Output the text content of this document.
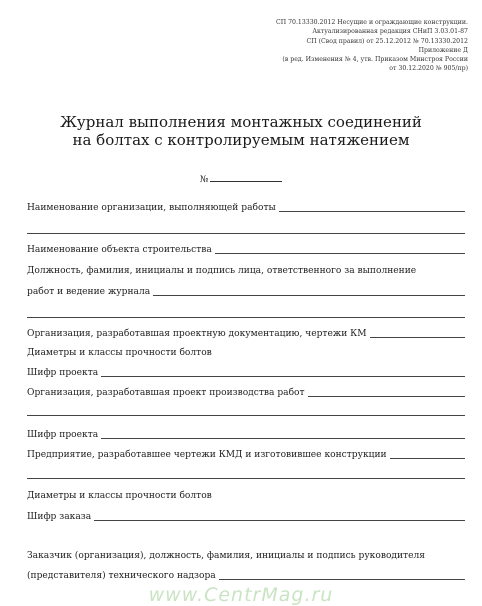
СП 70.13330.2012 Несущие и ограждающие конструкции.
Актуализированная редакция СНиП 3.03.01-87
СП (Свод правил) от 25.12.2012 № 70.13330.2012
Приложение Д
(в ред. Изменения № 4, утв. Приказом Минстроя России
от 30.12.2020 № 905/пр)
Журнал выполнения монтажных соединений
на болтах с контролируемым натяжением
№
Наименование организации, выполняющей работы
Наименование объекта строительства
Должность, фамилия, инициалы и подпись лица, ответственного за выполнение
работ и ведение журнала
Организация, разработавшая проектную документацию, чертежи КМ
Диаметры и классы прочности болтов
Шифр проекта
Организация, разработавшая проект производства работ
Шифр проекта
Предприятие, разработавшее чертежи КМД и изготовившее конструкции
Диаметры и классы прочности болтов
Шифр заказа
Заказчик (организация), должность, фамилия, инициалы и подпись руководителя
(представителя) технического надзора
www.CentrMag.ru
